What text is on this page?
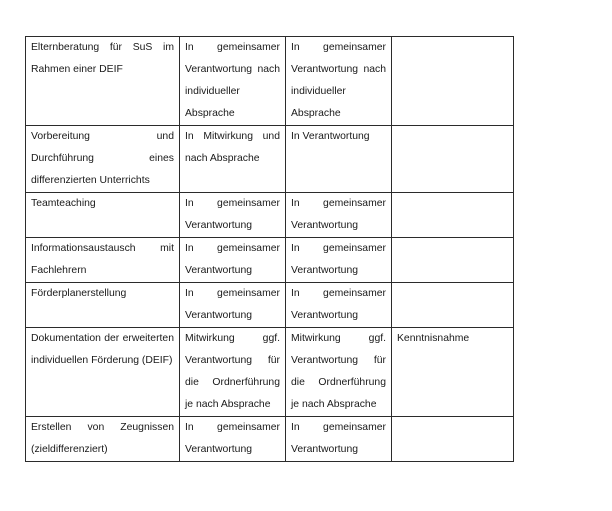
Elternberatung für SuS im Rahmen einer DEIF	In gemeinsamer Verantwortung nach individueller Absprache	In gemeinsamer Verantwortung nach individueller Absprache	

Vorbereitung und Durchführung eines differenzierten Unterrichts	In Mitwirkung und nach Absprache	In Verantwortung	

Teamteaching	In gemeinsamer Verantwortung	In gemeinsamer Verantwortung	

Informationsaustausch mit Fachlehrern	In gemeinsamer Verantwortung	In gemeinsamer Verantwortung	

Förderplanerstellung	In gemeinsamer Verantwortung	In gemeinsamer Verantwortung	

Dokumentation der erweiterten individuellen Förderung (DEIF)	Mitwirkung ggf. Verantwortung für die Ordnerführung je nach Absprache	Mitwirkung ggf. Verantwortung für die Ordnerführung je nach Absprache	Kenntnisnahme

Erstellen von Zeugnissen (zieldifferenziert)	In gemeinsamer Verantwortung	In gemeinsamer Verantwortung	
